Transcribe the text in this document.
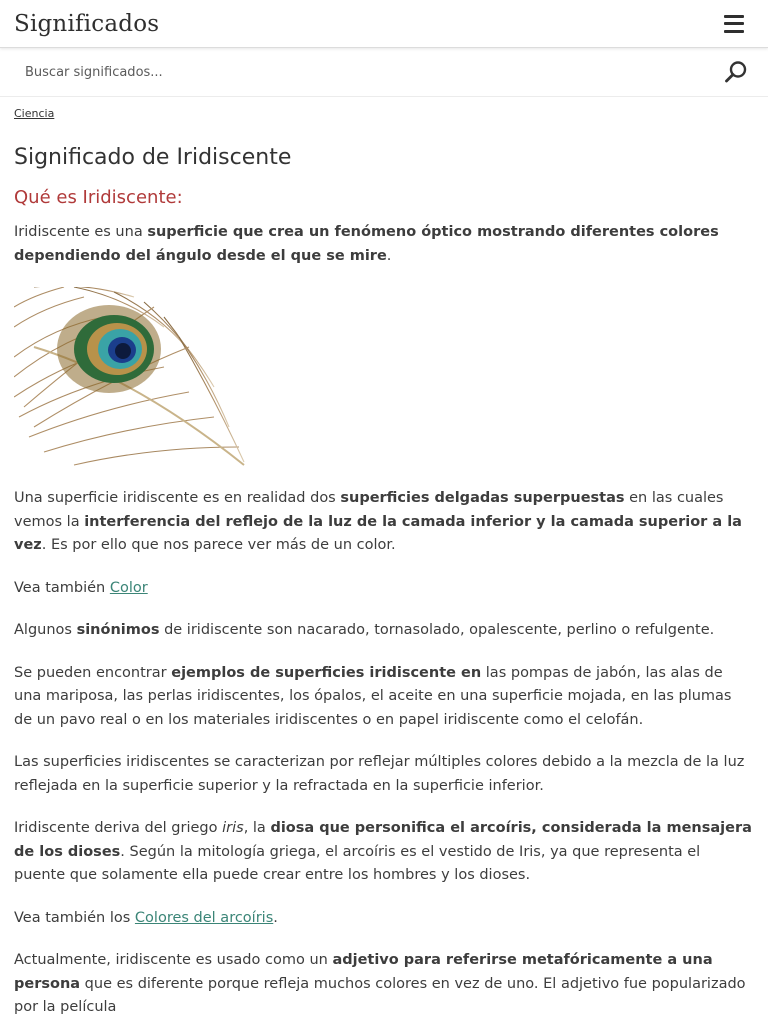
Significados
Buscar significados...
Ciencia
Significado de Iridiscente
Qué es Iridiscente:

Iridiscente es una superficie que crea un fenómeno óptico mostrando diferentes colores dependiendo del ángulo desde el que se mire.

Una superficie iridiscente es en realidad dos superficies delgadas superpuestas en las cuales vemos la interferencia del reflejo de la luz de la camada inferior y la camada superior a la vez. Es por ello que nos parece ver más de un color.

Vea también Color

Algunos sinónimos de iridiscente son nacarado, tornasolado, opalescente, perlino o refulgente.

Se pueden encontrar ejemplos de superficies iridiscente en las pompas de jabón, las alas de una mariposa, las perlas iridiscentes, los ópalos, el aceite en una superficie mojada, en las plumas de un pavo real o en los materiales iridiscentes o en papel iridiscente como el celofán.

Las superficies iridiscentes se caracterizan por reflejar múltiples colores debido a la mezcla de la luz reflejada en la superficie superior y la refractada en la superficie inferior.

Iridiscente deriva del griego iris, la diosa que personifica el arcoíris, considerada la mensajera de los dioses. Según la mitología griega, el arcoíris es el vestido de Iris, ya que representa el puente que solamente ella puede crear entre los hombres y los dioses.

Vea también los Colores del arcoíris.

Actualmente, iridiscente es usado como un adjetivo para referirse metafóricamente a una persona que es diferente porque refleja muchos colores en vez de uno. El adjetivo fue popularizado por la película
